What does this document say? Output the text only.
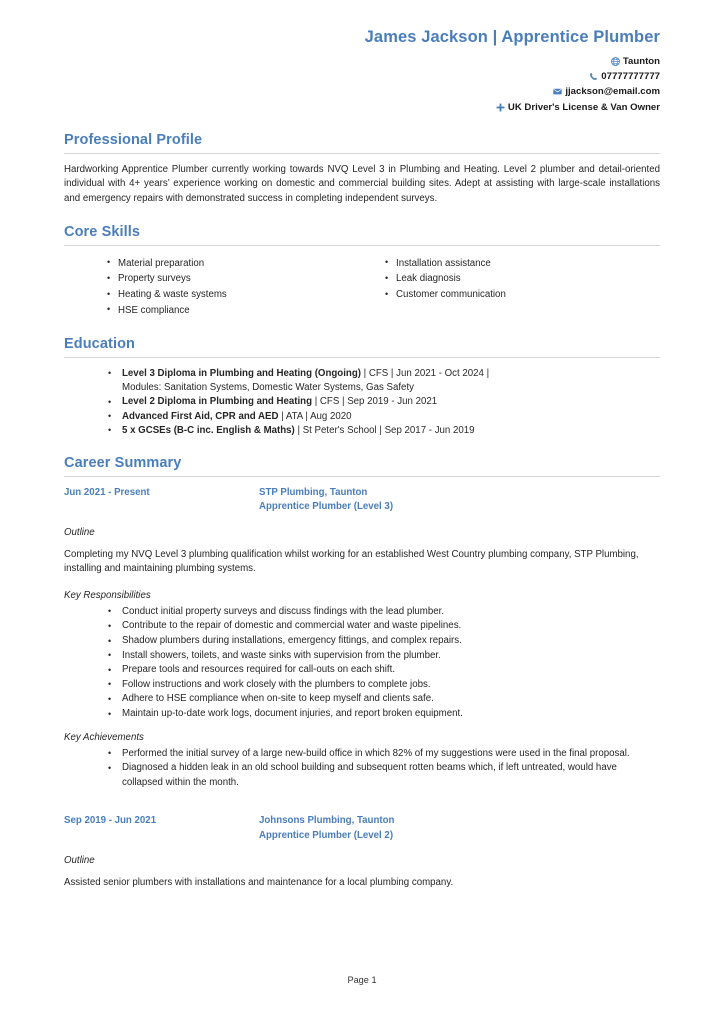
James Jackson | Apprentice Plumber
Taunton
07777777777
jjackson@email.com
UK Driver's License & Van Owner
Professional Profile

Hardworking Apprentice Plumber currently working towards NVQ Level 3 in Plumbing and Heating. Level 2 plumber and detail-oriented individual with 4+ years’ experience working on domestic and commercial building sites. Adept at assisting with large-scale installations and emergency repairs with demonstrated success in completing independent surveys.

Core Skills
• Material preparation
• Property surveys
• Heating & waste systems
• HSE compliance
• Installation assistance
• Leak diagnosis
• Customer communication
Education
• Level 3 Diploma in Plumbing and Heating (Ongoing) | CFS | Jun 2021 - Oct 2024 |
Modules: Sanitation Systems, Domestic Water Systems, Gas Safety
• Level 2 Diploma in Plumbing and Heating | CFS | Sep 2019 - Jun 2021
• Advanced First Aid, CPR and AED | ATA | Aug 2020
• 5 x GCSEs (B-C inc. English & Maths) | St Peter's School | Sep 2017 - Jun 2019
Career Summary
Jun 2021 - Present	STP Plumbing, Taunton
Apprentice Plumber (Level 3)
Outline

Completing my NVQ Level 3 plumbing qualification whilst working for an established West Country plumbing company, STP Plumbing, installing and maintaining plumbing systems.

Key Responsibilities
• Conduct initial property surveys and discuss findings with the lead plumber.
• Contribute to the repair of domestic and commercial water and waste pipelines.
• Shadow plumbers during installations, emergency fittings, and complex repairs.
• Install showers, toilets, and waste sinks with supervision from the plumber.
• Prepare tools and resources required for call-outs on each shift.
• Follow instructions and work closely with the plumbers to complete jobs.
• Adhere to HSE compliance when on-site to keep myself and clients safe.
• Maintain up-to-date work logs, document injuries, and report broken equipment.
Key Achievements
• Performed the initial survey of a large new-build office in which 82% of my suggestions were used in the final proposal.
• Diagnosed a hidden leak in an old school building and subsequent rotten beams which, if left untreated, would have collapsed within the month.
Sep 2019 - Jun 2021	Johnsons Plumbing, Taunton
Apprentice Plumber (Level 2)
Outline

Assisted senior plumbers with installations and maintenance for a local plumbing company.

Page 1
